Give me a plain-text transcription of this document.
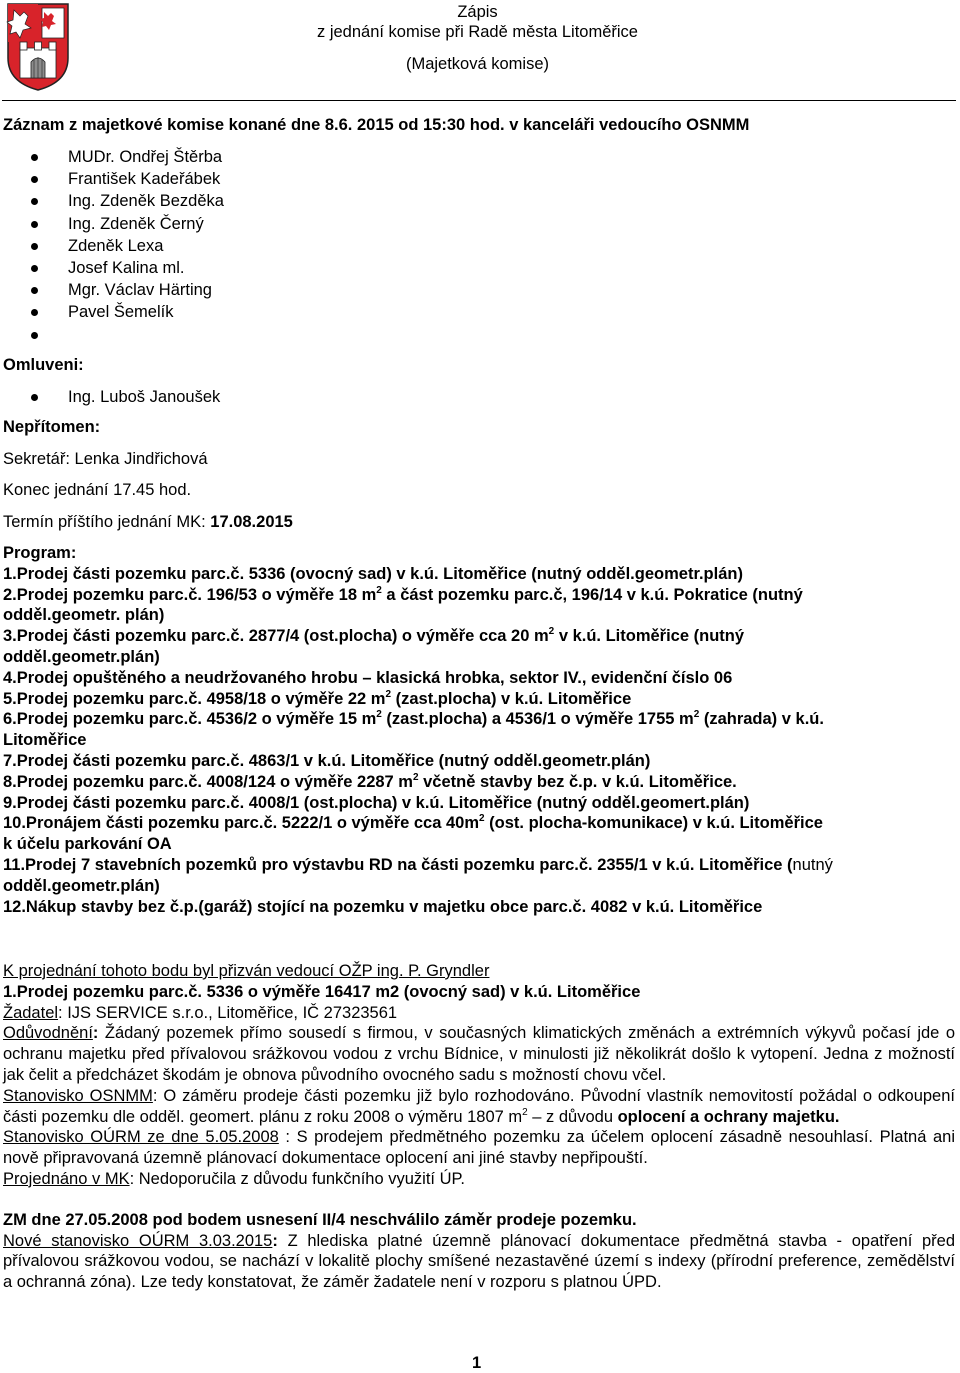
Zápis
z jednání komise při Radě města Litoměřice
(Majetková komise)
Záznam z majetkové komise konané dne 8.6. 2015 od 15:30 hod. v kanceláři vedoucího OSNMM
MUDr. Ondřej Štěrba
František Kadeřábek
Ing. Zdeněk Bezděka
Ing. Zdeněk Černý
Zdeněk Lexa
Josef Kalina ml.
Mgr. Václav Härting
Pavel Šemelík
Omluveni:
Ing. Luboš Janoušek
Nepřítomen:
Sekretář: Lenka Jindřichová
Konec jednání 17.45 hod.
Termín příštího jednání MK: 17.08.2015
Program:
1.Prodej části pozemku parc.č. 5336 (ovocný sad) v k.ú. Litoměřice (nutný odděl.geometr.plán)
2.Prodej pozemku parc.č. 196/53 o výměře 18 $m^2$ a část pozemku parc.č, 196/14 v k.ú. Pokratice (nutný
odděl.geometr. plán)
3.Prodej části pozemku parc.č. 2877/4 (ost.plocha) o výměře cca 20 $m^2$ v k.ú. Litoměřice (nutný
odděl.geometr.plán)
4.Prodej opuštěného a neudržovaného hrobu – klasická hrobka, sektor IV., evidenční číslo 06
5.Prodej pozemku parc.č. 4958/18 o výměře 22 $m^2$ (zast.plocha) v k.ú. Litoměřice
6.Prodej pozemku parc.č. 4536/2 o výměře 15 $m^2$ (zast.plocha) a 4536/1 o výměře 1755 $m^2$ (zahrada) v k.ú.
Litoměřice
7.Prodej části pozemku parc.č. 4863/1 v k.ú. Litoměřice (nutný odděl.geometr.plán)
8.Prodej pozemku parc.č. 4008/124 o výměře 2287 $m^2$ včetně stavby bez č.p. v k.ú. Litoměřice.
9.Prodej části pozemku parc.č. 4008/1 (ost.plocha) v k.ú. Litoměřice (nutný odděl.geomert.plán)
10.Pronájem části pozemku parc.č. 5222/1 o výměře cca $40m^2$ (ost. plocha-komunikace) v k.ú. Litoměřice
k účelu parkování OA
11.Prodej 7 stavebních pozemků pro výstavbu RD na části pozemku parc.č. 2355/1 v k.ú. Litoměřice (nutný
odděl.geometr.plán)
12.Nákup stavby bez č.p.(garáž) stojící na pozemku v majetku obce parc.č. 4082 v k.ú. Litoměřice
K projednání tohoto bodu byl přizván vedoucí OŽP ing. P. Gryndler
1.Prodej pozemku parc.č. 5336 o výměře 16417 m2 (ovocný sad) v k.ú. Litoměřice
Žadatel: IJS SERVICE s.r.o., Litoměřice, IČ 27323561
Odůvodnění: Žádaný pozemek přímo sousedí s firmou, v současných klimatických změnách a extrémních výkyvů počasí jde o ochranu majetku před přívalovou srážkovou vodou z vrchu Bídnice, v minulosti již několikrát došlo k vytopení. Jedna z možností jak čelit a předcházet škodám je obnova původního ovocného sadu s možností chovu včel.
Stanovisko OSNMM: O záměru prodeje části pozemku již bylo rozhodováno. Původní vlastník nemovitostí požádal o odkoupení části pozemku dle odděl. geomert. plánu z roku 2008 o výměru 1807 $m^2$ – z důvodu oplocení a ochrany majetku.
Stanovisko OÚRM ze dne 5.05.2008 : S prodejem předmětného pozemku za účelem oplocení zásadně nesouhlasí. Platná ani nově připravovaná územně plánovací dokumentace oplocení ani jiné stavby nepřipouští.
Projednáno v MK: Nedoporučila z důvodu funkčního využití ÚP.
ZM dne 27.05.2008 pod bodem usnesení II/4 neschválilo záměr prodeje pozemku.
Nové stanovisko OÚRM 3.03.2015: Z hlediska platné územně plánovací dokumentace předmětná stavba - opatření před přívalovou srážkovou vodou, se nachází v lokalitě plochy smíšené nezastavěné území s indexy (přírodní preference, zemědělství a ochranná zóna). Lze tedy konstatovat, že záměr žadatele není v rozporu s platnou ÚPD.
1
